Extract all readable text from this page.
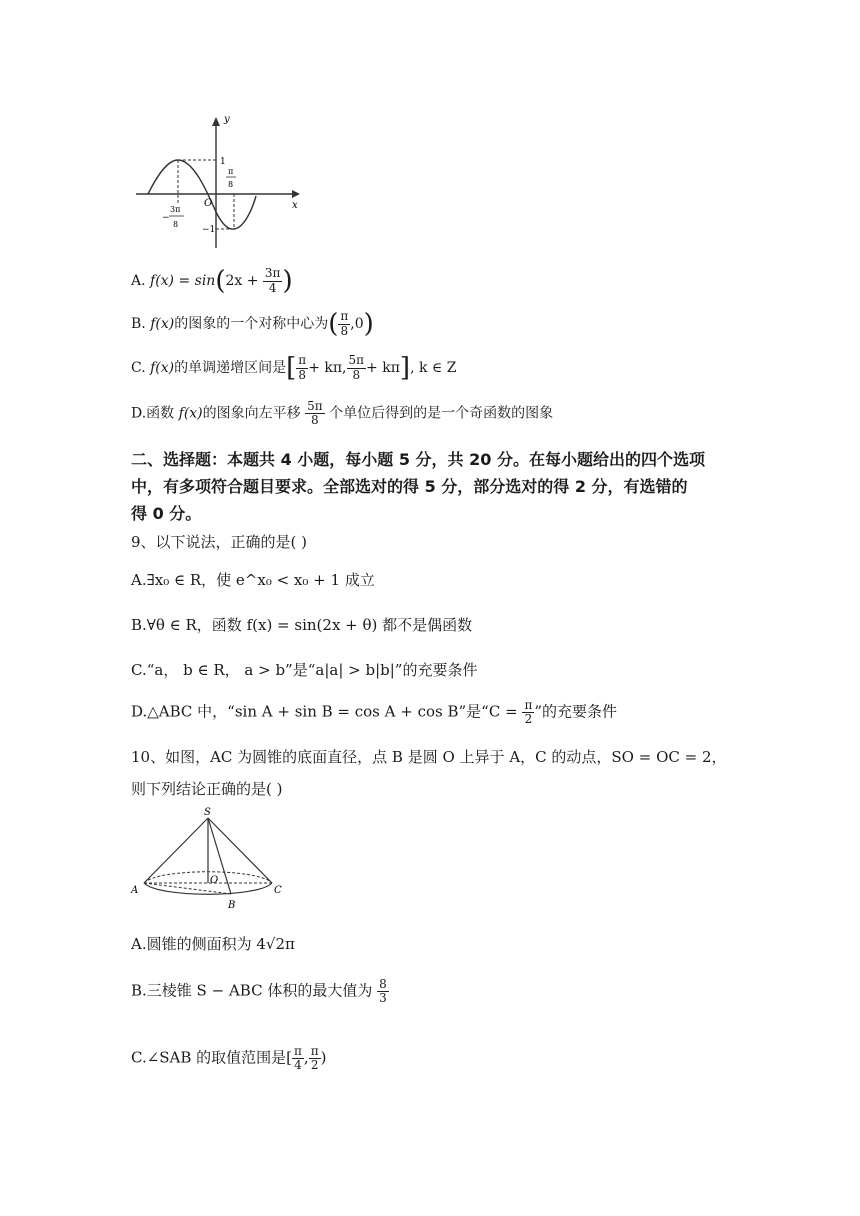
y
x
O
1
−1
π
8
−
3π
8
A. $f(x) = \sin(2x + \frac{3\pi}{4}$ )
B. f(x)的图象的一个对称中心为( $\frac{\pi}{8} ,0$)
C. f(x)的单调递增区间是[ $\frac{\pi}{8} + k\pi$, $\frac{5\pi}{8} + k\pi$], k ∈ Z
D.函数 f(x)的图象向左平移 $\frac{5\pi}{8}$ 个单位后得到的是一个奇函数的图象
二、选择题：本题共 4 小题，每小题 5 分，共 20 分。在每小题给出的四个选项
中，有多项符合题目要求。全部选对的得 5 分，部分选对的得 2 分，有选错的
得 0 分。
9、以下说法，正确的是( )
A.∃x₀ ∈ R，使 e^x₀ < x₀ + 1 成立
B.∀θ ∈ R，函数 f(x) = sin(2x + θ) 都不是偶函数
C.“a， b ∈ R， a > b”是“a|a| > b|b|”的充要条件
D.△ABC 中，“sin A + sin B = cos A + cos B”是“$C = \frac{\pi}{2}$ ”的充要条件
10、如图，AC 为圆锥的底面直径，点 B 是圆 O 上异于 A，C 的动点，SO = OC = 2，
则下列结论正确的是( )
S
A	C
O
B
A.圆锥的侧面积为 4√2π
B.三棱锥 S − ABC 体积的最大值为 $\frac{8}{3}$
C.∠SAB 的取值范围是[ $\frac{\pi}{4}$ , $\frac{\pi}{2}$ )
